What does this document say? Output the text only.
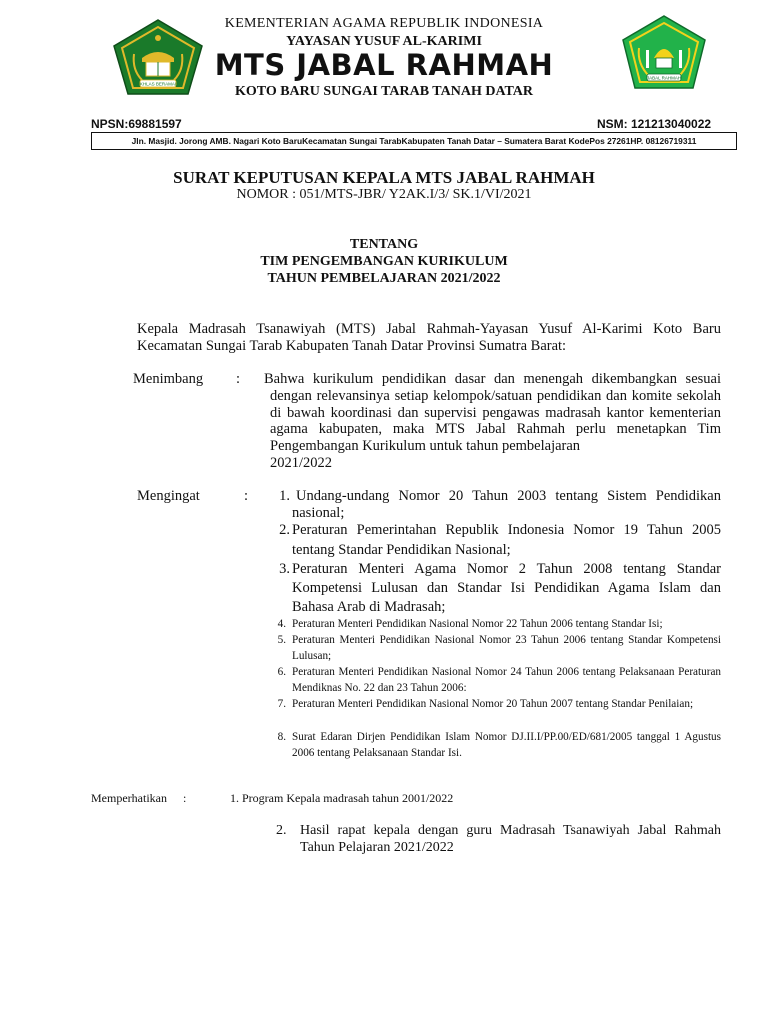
IKHLAS BERAMAL
JABAL RAHMAH
KEMENTERIAN AGAMA REPUBLIK INDONESIA
YAYASAN YUSUF AL-KARIMI
MTS JABAL RAHMAH
KOTO BARU SUNGAI TARAB TANAH DATAR
NPSN:69881597	NSM: 121213040022
Jln. Masjid. Jorong AMB. Nagari Koto BaruKecamatan Sungai TarabKabupaten Tanah Datar – Sumatera Barat KodePos 27261HP. 08126719311
SURAT KEPUTUSAN KEPALA MTS JABAL RAHMAH
NOMOR : 051/MTS-JBR/ Y2AK.I/3/ SK.1/VI/2021
TENTANG
TIM PENGEMBANGAN KURIKULUM
TAHUN PEMBELAJARAN 2021/2022
Kepala Madrasah Tsanawiyah (MTS) Jabal Rahmah-Yayasan Yusuf Al-Karimi Koto Baru Kecamatan Sungai Tarab Kabupaten Tanah Datar Provinsi Sumatra Barat:
Menimbang : Bahwa kurikulum pendidikan dasar dan menengah dikembangkan sesuai
dengan relevansinya setiap kelompok/satuan pendidikan dan komite sekolah di bawah koordinasi dan supervisi pengawas madrasah kantor kementerian agama kabupaten, maka MTS Jabal Rahmah perlu menetapkan Tim Pengembangan Kurikulum untuk tahun pembelajaran
2021/2022
Mengingat	:	1. Undang-undang Nomor 20 Tahun 2003 tentang Sistem Pendidikan nasional;
2. Peraturan Pemerintahan Republik Indonesia Nomor 19 Tahun 2005 tentang Standar Pendidikan Nasional;
3. Peraturan Menteri Agama Nomor 2 Tahun 2008 tentang Standar Kompetensi Lulusan dan Standar Isi Pendidikan Agama Islam dan Bahasa Arab di Madrasah;
4. Peraturan Menteri Pendidikan Nasional Nomor 22 Tahun 2006 tentang Standar Isi;
5. Peraturan Menteri Pendidikan Nasional Nomor 23 Tahun 2006 tentang Standar Kompetensi Lulusan;
6. Peraturan Menteri Pendidikan Nasional Nomor 24 Tahun 2006 tentang Pelaksanaan Peraturan Mendiknas No. 22 dan 23 Tahun 2006:
7. Peraturan Menteri Pendidikan Nasional Nomor 20 Tahun 2007 tentang Standar Penilaian;
8. Surat Edaran Dirjen Pendidikan Islam Nomor DJ.II.I/PP.00/ED/681/2005 tanggal 1 Agustus 2006 tentang Pelaksanaan Standar Isi.
Memperhatikan :	1. Program Kepala madrasah tahun 2001/2022
2. Hasil rapat kepala dengan guru Madrasah Tsanawiyah Jabal Rahmah Tahun Pelajaran 2021/2022
